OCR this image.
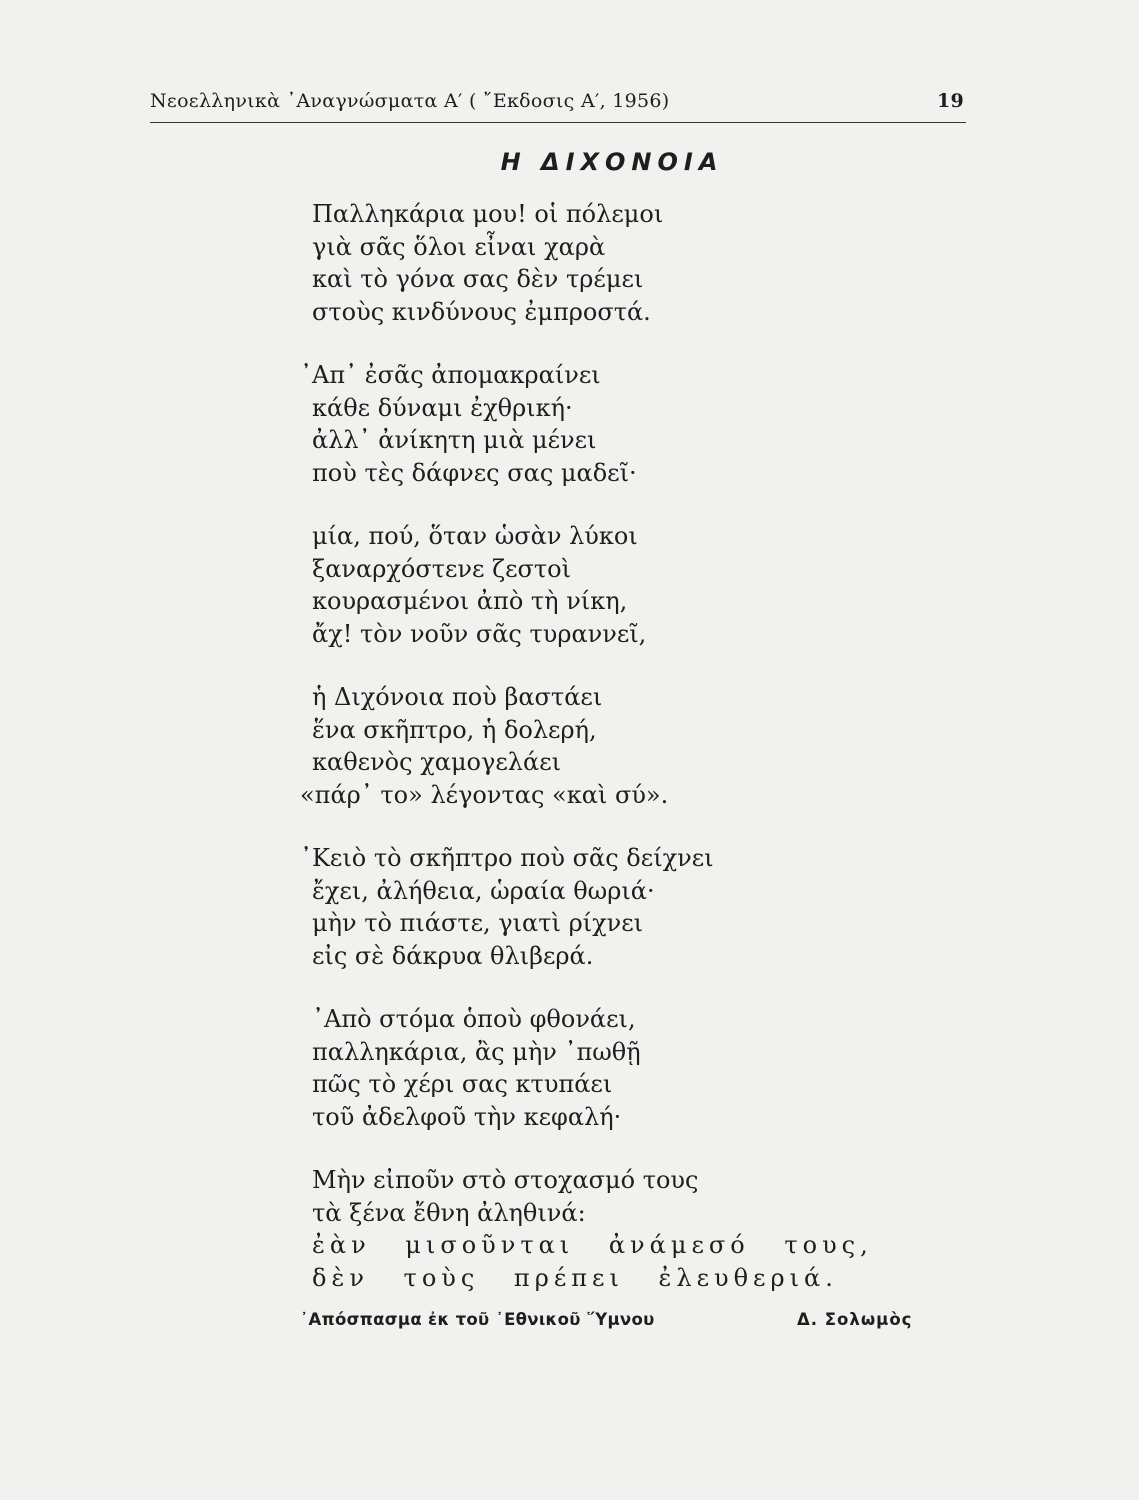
Νεοελληνικὰ ᾿Αναγνώσματα Α′ ( ῎Εκδοσις Α′, 1956)	19
Η ΔΙΧΟΝΟΙΑ
Παλληκάρια μου! οἱ πόλεμοι
γιὰ σᾶς ὅλοι εἶναι χαρὰ
καὶ τὸ γόνα σας δὲν τρέμει
στοὺς κινδύνους ἐμπροστά.
᾿Απ᾿ ἐσᾶς ἀπομακραίνει
κάθε δύναμι ἐχθρική·
ἀλλ᾿ ἀνίκητη μιὰ μένει
ποὺ τὲς δάφνες σας μαδεῖ·
μία, πού, ὅταν ὡσὰν λύκοι
ξαναρχόστενε ζεστοὶ
κουρασμένοι ἀπὸ τὴ νίκη,
ἄχ! τὸν νοῦν σᾶς τυραννεῖ,
ἡ Διχόνοια ποὺ βαστάει
ἕνα σκῆπτρο, ἡ δολερή,
καθενὸς χαμογελάει
«πάρ᾿ το» λέγοντας «καὶ σύ».
᾿Κειὸ τὸ σκῆπτρο ποὺ σᾶς δείχνει
ἔχει, ἀλήθεια, ὡραία θωριά·
μὴν τὸ πιάστε, γιατὶ ρίχνει
εἰς σὲ δάκρυα θλιβερά.
᾿Απὸ στόμα ὁποὺ φθονάει,
παλληκάρια, ἂς μὴν ᾿πωθῇ
πῶς τὸ χέρι σας κτυπάει
τοῦ ἀδελφοῦ τὴν κεφαλή·
Μὴν εἰποῦν στὸ στοχασμό τους
τὰ ξένα ἔθνη ἀληθινά:
ἐὰν μισοῦνται ἀνάμεσό τους,
δὲν τοὺς πρέπει ἐλευθεριά.
᾿Απόσπασμα ἐκ τοῦ ᾿Εθνικοῦ ῞Υμνου	Δ. Σολωμὸς
